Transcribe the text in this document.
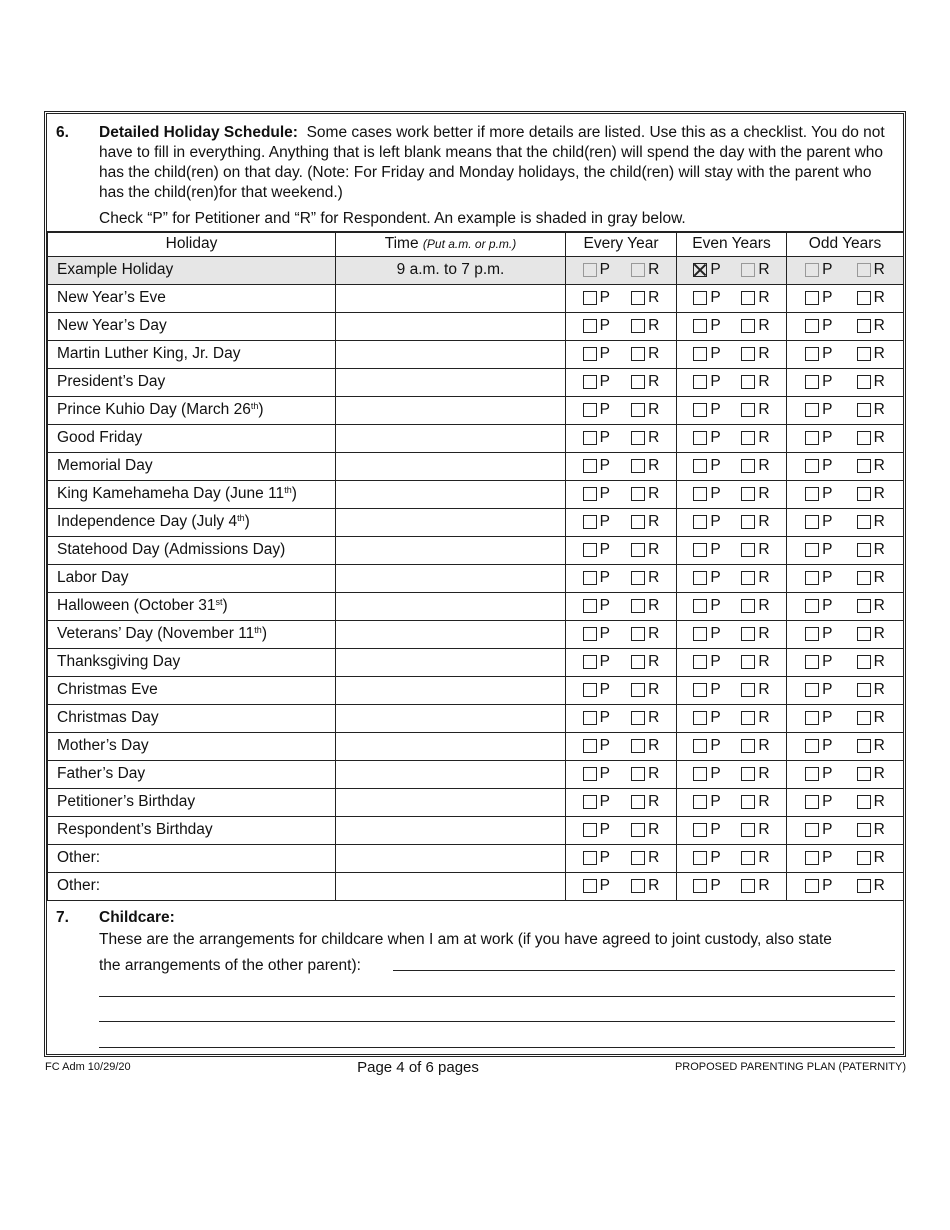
6. Detailed Holiday Schedule: Some cases work better if more details are listed. Use this as a checklist. You do not have to fill in everything. Anything that is left blank means that the child(ren) will spend the day with the parent who has the child(ren) on that day. (Note: For Friday and Monday holidays, the child(ren) will stay with the parent who has the child(ren)for that weekend.)
Check “P” for Petitioner and “R” for Respondent. An example is shaded in gray below.
Holiday	Time (Put a.m. or p.m.)	Every Year	Even Years	Odd Years
Example Holiday	9 a.m. to 7 p.m.	P R	P R	P R

New Year’s Eve		P R	P R	P R

New Year’s Day		P R	P R	P R

Martin Luther King, Jr. Day		P R	P R	P R

President’s Day		P R	P R	P R

Prince Kuhio Day (March 26th)		P R	P R	P R

Good Friday		P R	P R	P R

Memorial Day		P R	P R	P R

King Kamehameha Day (June 11th)		P R	P R	P R

Independence Day (July 4th)		P R	P R	P R

Statehood Day (Admissions Day)		P R	P R	P R

Labor Day		P R	P R	P R

Halloween (October 31st)		P R	P R	P R

Veterans’ Day (November 11th)		P R	P R	P R

Thanksgiving Day		P R	P R	P R

Christmas Eve		P R	P R	P R

Christmas Day		P R	P R	P R

Mother’s Day		P R	P R	P R

Father’s Day		P R	P R	P R

Petitioner’s Birthday		P R	P R	P R

Respondent’s Birthday		P R	P R	P R

Other:		P R	P R	P R

Other:		P R	P R	P R
7. Childcare:
These are the arrangements for childcare when I am at work (if you have agreed to joint custody, also state
the arrangements of the other parent):
FC Adm 10/29/20	Page 4 of 6 pages	PROPOSED PARENTING PLAN (PATERNITY)
